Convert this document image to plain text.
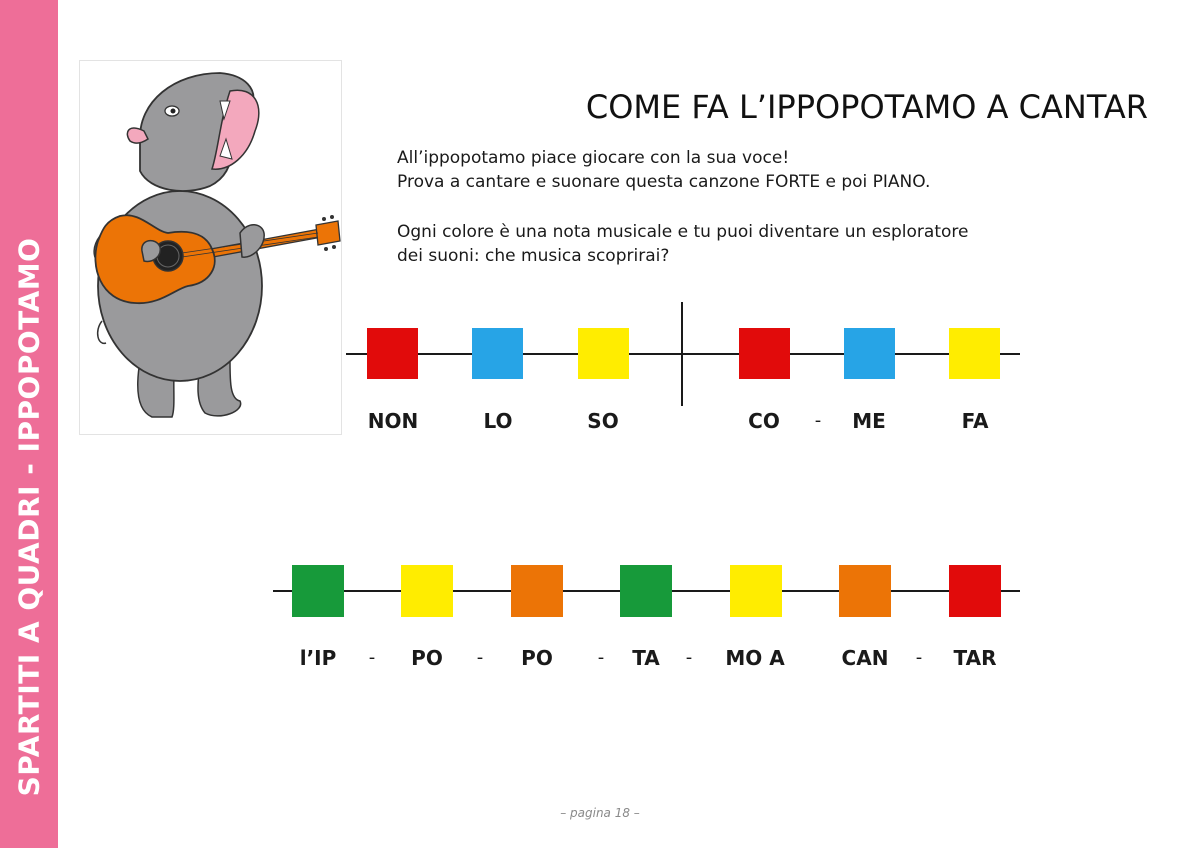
SPARTITI A QUADRI - IPPOPOTAMO
COME FA L’IPPOPOTAMO A CANTAR

All’ippopotamo piace giocare con la sua voce!

Prova a cantare e suonare questa canzone FORTE e poi PIANO.

Ogni colore è una nota musicale e tu puoi diventare un esploratore

dei suoni: che musica scoprirai?

NON	LO	SO	CO - ME	FA
l’IP - PO - PO - TA - MO A	CAN - TAR
– pagina 18 –
